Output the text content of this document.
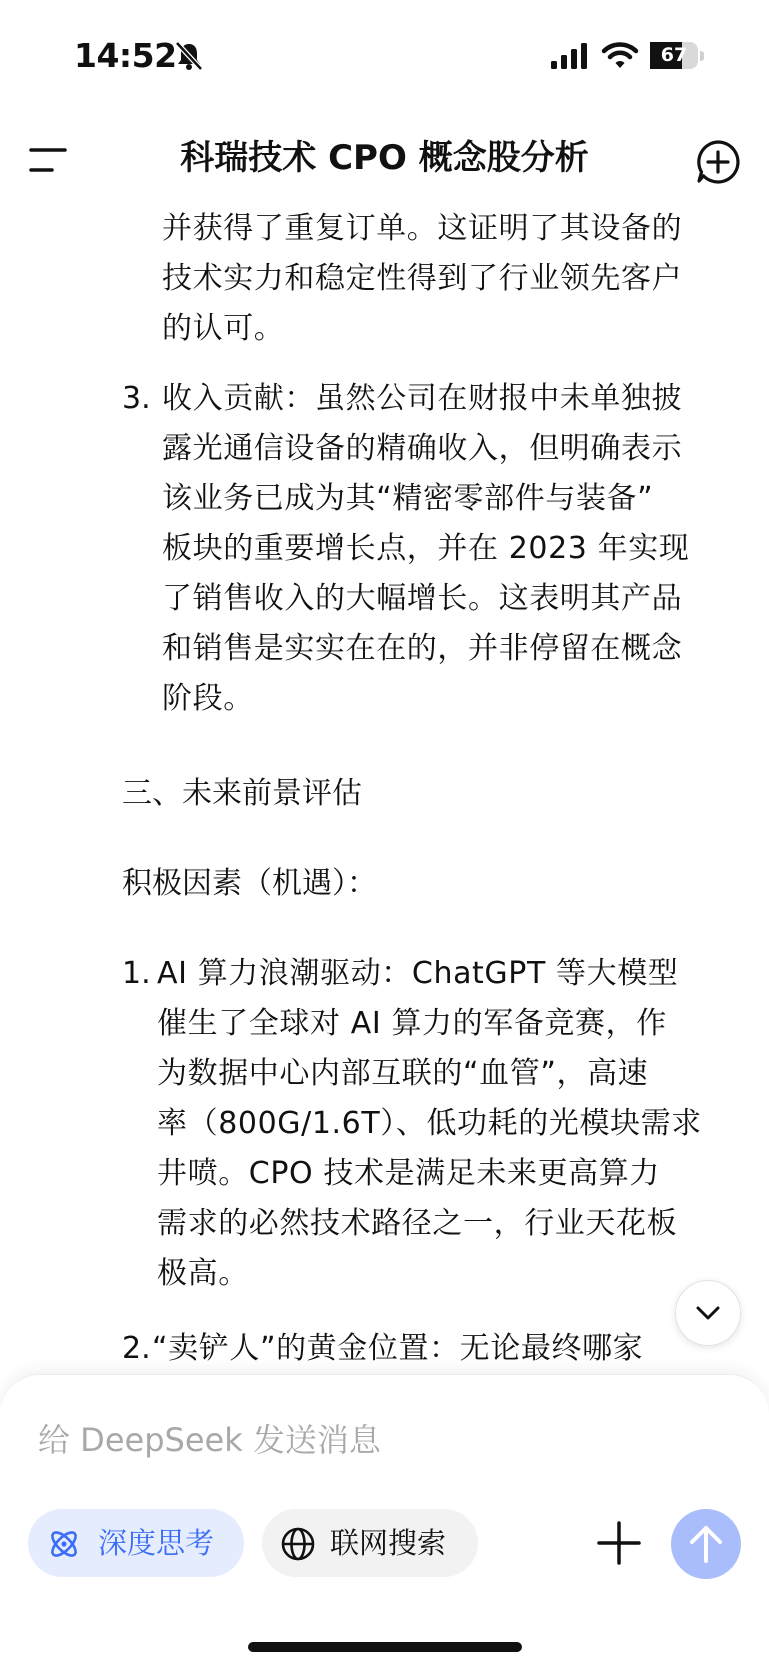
14:52	67
科瑞技术 CPO 概念股分析
并获得了重复订单。这证明了其设备的
技术实力和稳定性得到了行业领先客户
的认可。
3. 收入贡献：虽然公司在财报中未单独披
露光通信设备的精确收入，但明确表示
该业务已成为其“精密零部件与装备”
板块的重要增长点，并在 2023 年实现
了销售收入的大幅增长。这表明其产品
和销售是实实在在的，并非停留在概念
阶段。
三、未来前景评估
积极因素（机遇）：
1. AI 算力浪潮驱动：ChatGPT 等大模型
催生了全球对 AI 算力的军备竞赛，作
为数据中心内部互联的“血管”，高速
率（800G/1.6T）、低功耗的光模块需求
井喷。CPO 技术是满足未来更高算力
需求的必然技术路径之一，行业天花板
极高。
2. “卖铲人”的黄金位置：无论最终哪家
给 DeepSeek 发送消息
深度思考	联网搜索
